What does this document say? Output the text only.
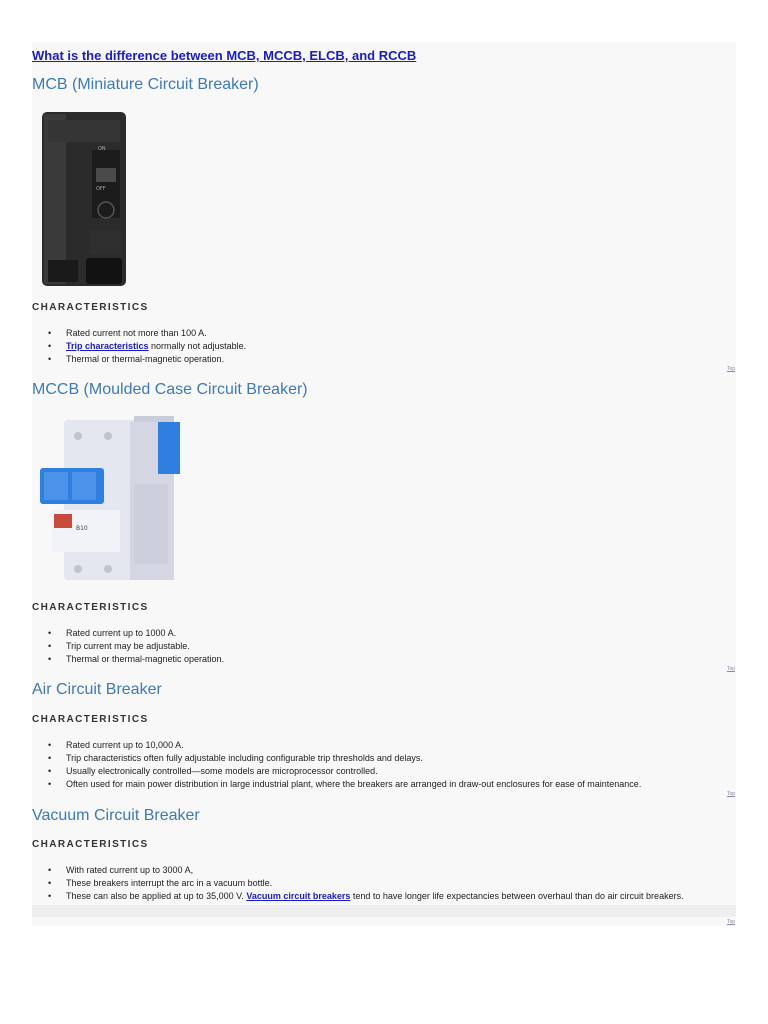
What is the difference between MCB, MCCB, ELCB, and RCCB
MCB (Miniature Circuit Breaker)
ON
OFF
CHARACTERISTICS
• Rated current not more than 100 A.
• Trip characteristics normally not adjustable.
• Thermal or thermal-magnetic operation.
Top
MCCB (Moulded Case Circuit Breaker)
B10
CHARACTERISTICS
• Rated current up to 1000 A.
• Trip current may be adjustable.
• Thermal or thermal-magnetic operation.
Top
Air Circuit Breaker
CHARACTERISTICS
• Rated current up to 10,000 A.
• Trip characteristics often fully adjustable including configurable trip thresholds and delays.
• Usually electronically controlled—some models are microprocessor controlled.
• Often used for main power distribution in large industrial plant, where the breakers are arranged in draw-out enclosures for ease of maintenance.
Top
Vacuum Circuit Breaker
CHARACTERISTICS
• With rated current up to 3000 A,
• These breakers interrupt the arc in a vacuum bottle.
• These can also be applied at up to 35,000 V. Vacuum circuit breakers tend to have longer life expectancies between overhaul than do air circuit breakers.
Top
